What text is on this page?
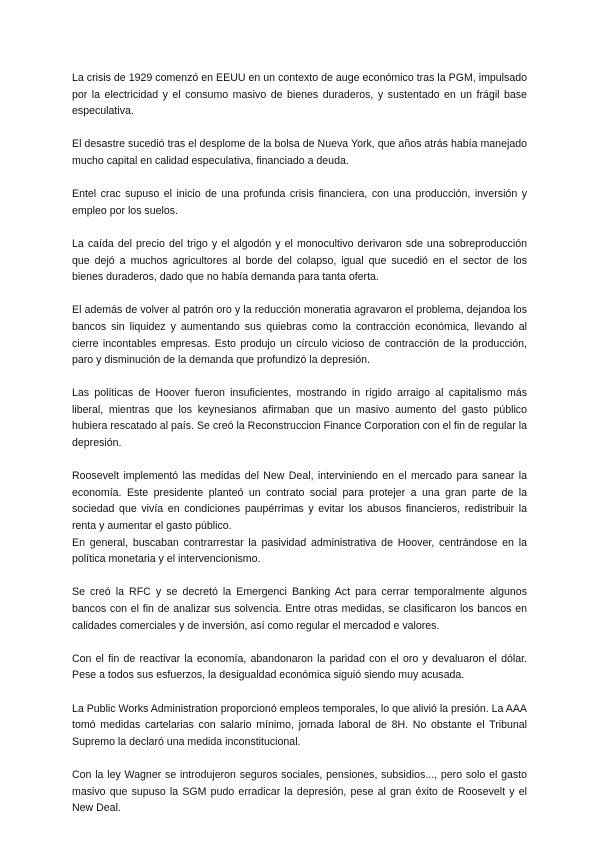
La crisis de 1929 comenzó en EEUU en un contexto de auge económico tras la PGM, impulsado por la electricidad y el consumo masivo de bienes duraderos, y sustentado en un frágil base especulativa.

El desastre sucedió tras el desplome de la bolsa de Nueva York, que años atrás había manejado mucho capital en calidad especulativa, financiado a deuda.

Entel crac supuso el inicio de una profunda crisis financiera, con una producción, inversión y empleo por los suelos.

La caída del precio del trigo y el algodón y el monocultivo derivaron sde una sobreproducción que dejó a muchos agricultores al borde del colapso, igual que sucedió en el sector de los bienes duraderos, dado que no había demanda para tanta oferta.

El además de volver al patrón oro y la reducción moneratia agravaron el problema, dejandoa los bancos sin liquidez y aumentando sus quiebras como la contracción económica, llevando al cierre incontables empresas. Esto produjo un círculo vicioso de contracción de la producción, paro y disminución de la demanda que profundizó la depresión.

Las políticas de Hoover fueron insuficientes, mostrando in rígido arraigo al capitalismo más liberal, mientras que los keynesianos afirmaban que un masivo aumento del gasto público hubiera rescatado al país. Se creó la Reconstruccion Finance Corporation con el fin de regular la depresión.

Roosevelt implementó las medidas del New Deal, interviniendo en el mercado para sanear la economía. Este presidente planteó un contrato social para protejer a una gran parte de la sociedad que vivía en condiciones paupérrimas y evitar los abusos financieros, redistribuir la renta y aumentar el gasto público.

En general, buscaban contrarrestar la pasividad administrativa de Hoover, centrándose en la política monetaria y el intervencionismo.

Se creó la RFC y se decretó la Emergenci Banking Act para cerrar temporalmente algunos bancos con el fin de analizar sus solvencia. Entre otras medidas, se clasificaron los bancos en calidades comerciales y de inversión, así como regular el mercadod e valores.

Con el fin de reactivar la economía, abandonaron la paridad con el oro y devaluaron el dólar. Pese a todos sus esfuerzos, la desigualdad económica siguió siendo muy acusada.

La Public Works Administration proporcionó empleos temporales, lo que alivió la presión. La AAA tomó medidas cartelarias con salario mínimo, jornada laboral de 8H. No obstante el Tribunal Supremo la declaró una medida inconstitucional.

Con la ley Wagner se introdujeron seguros sociales, pensiones, subsidios..., pero solo el gasto masivo que supuso la SGM pudo erradicar la depresión, pese al gran éxito de Roosevelt y el New Deal.
